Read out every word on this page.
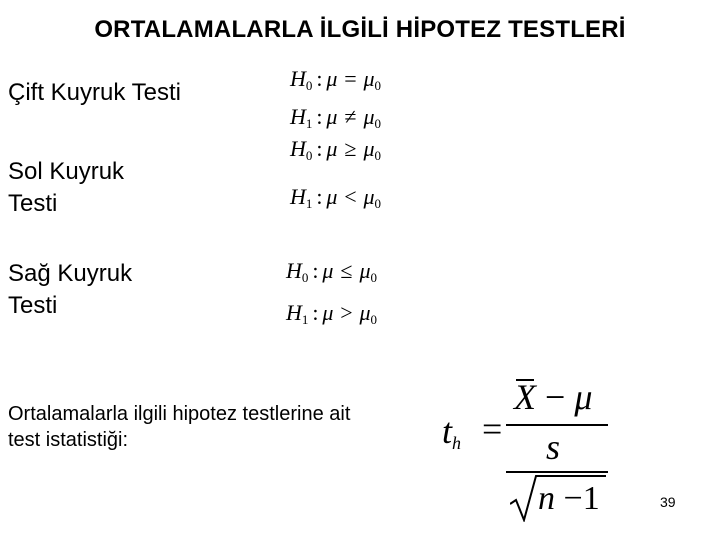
ORTALAMALARLA İLGİLİ HİPOTEZ TESTLERİ
Çift Kuyruk Testi
$H_0$ : $\mu = \mu_0$
$H_1$ : $\mu \ne \mu_0$
Sol Kuyruk
Testi
$H_0$ : $\mu \ge \mu_0$
$H_1$ : $\mu < \mu_0$
Sağ Kuyruk
Testi
$H_0$ : $\mu \le \mu_0$
$H_1$ : $\mu > \mu_0$
Ortalamalarla ilgili hipotez testlerine ait
test istatistiği:	$t_h$ =
X − μ
s
n −1	39
